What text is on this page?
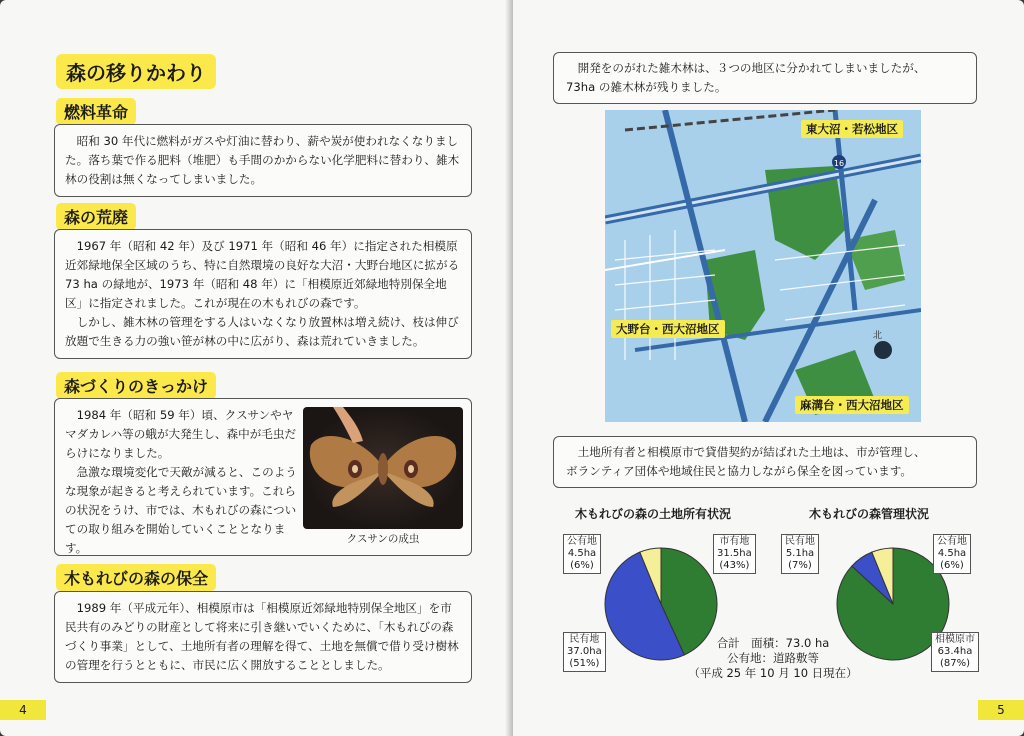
森の移りかわり
燃料革命

昭和 30 年代に燃料がガスや灯油に替わり、薪や炭が使われなくなりました。落ち葉で作る肥料（堆肥）も手間のかからない化学肥料に替わり、雑木林の役割は無くなってしまいました。

森の荒廃

1967 年（昭和 42 年）及び 1971 年（昭和 46 年）に指定された相模原近郊緑地保全区域のうち、特に自然環境の良好な大沼・大野台地区に拡がる 73 ha の緑地が、1973 年（昭和 48 年）に「相模原近郊緑地特別保全地区」に指定されました。これが現在の木もれびの森です。

しかし、雑木林の管理をする人はいなくなり放置林は増え続け、枝は伸び放題で生きる力の強い笹が林の中に広がり、森は荒れていきました。

森づくりのきっかけ

1984 年（昭和 59 年）頃、クスサンやヤマダカレハ等の蛾が大発生し、森中が毛虫だらけになりました。

急激な環境変化で天敵が減ると、このような現象が起きると考えられています。これらの状況をうけ、市では、木もれびの森についての取り組みを開始していくこととなります。

クスサンの成虫
木もれびの森の保全

1989 年（平成元年）、相模原市は「相模原近郊緑地特別保全地区」を市民共有のみどりの財産として将来に引き継いでいくために、「木もれびの森づくり事業」として、土地所有者の理解を得て、土地を無償で借り受け樹林の管理を行うとともに、市民に広く開放することとしました。

4
開発をのがれた雑木林は、３つの地区に分かれてしまいましたが、
73ha の雑木林が残りました。
16
北
東大沼・若松地区
大野台・西大沼地区
麻溝台・西大沼地区
土地所有者と相模原市で貸借契約が結ばれた土地は、市が管理し、
ボランティア団体や地域住民と協力しながら保全を図っています。
木もれびの森の土地所有状況	木もれびの森管理状況
市有地
31.5ha
(43%)
公有地
4.5ha
(6%)
民有地
37.0ha
(51%)
民有地
5.1ha
(7%)
公有地
4.5ha
(6%)
相模原市
63.4ha
(87%)
合計　面積：73.0 ha
公有地：道路敷等
（平成 25 年 10 月 10 日現在）
5
